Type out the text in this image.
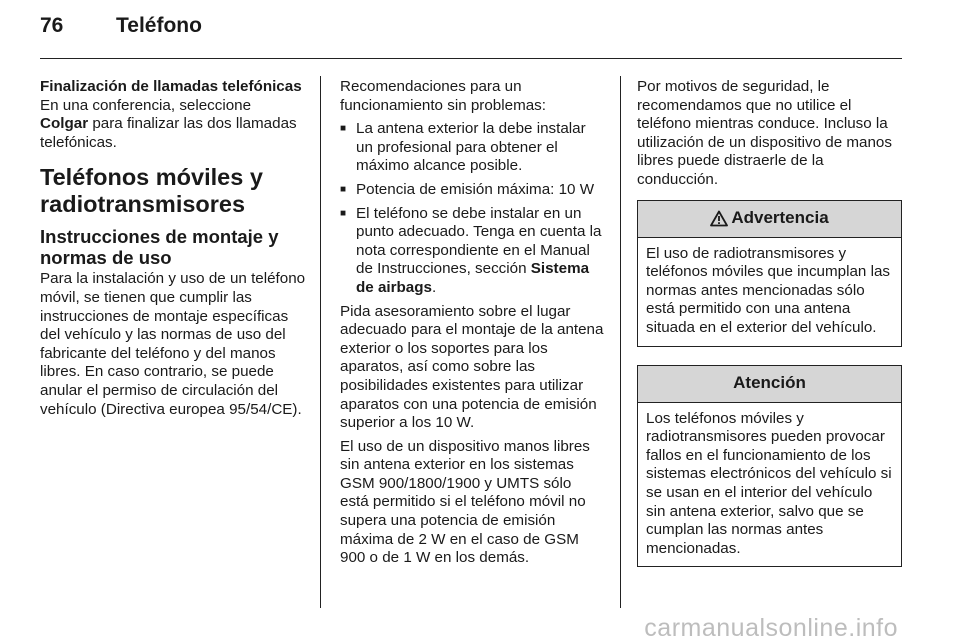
76	Teléfono

Finalización de llamadas telefónicas
En una conferencia, seleccione
Colgar para finalizar las dos llamadas telefónicas.

Teléfonos móviles y radiotransmisores
Instrucciones de montaje y normas de uso

Para la instalación y uso de un teléfono móvil, se tienen que cumplir las instrucciones de montaje específicas del vehículo y las normas de uso del fabricante del teléfono y del manos libres. En caso contrario, se puede anular el permiso de circulación del vehículo (Directiva europea 95/54/CE).

Recomendaciones para un funcionamiento sin problemas:

■ La antena exterior la debe instalar un profesional para obtener el máximo alcance posible.
■ Potencia de emisión máxima: 10 W
■ El teléfono se debe instalar en un punto adecuado. Tenga en cuenta la nota correspondiente en el Manual de Instrucciones, sección Sistema de airbags.

Pida asesoramiento sobre el lugar adecuado para el montaje de la antena exterior o los soportes para los aparatos, así como sobre las posibilidades existentes para utilizar aparatos con una potencia de emisión superior a los 10 W.

El uso de un dispositivo manos libres sin antena exterior en los sistemas GSM 900/1800/1900 y UMTS sólo está permitido si el teléfono móvil no supera una potencia de emisión máxima de 2 W en el caso de GSM 900 o de 1 W en los demás.

Por motivos de seguridad, le recomendamos que no utilice el teléfono mientras conduce. Incluso la utilización de un dispositivo de manos libres puede distraerle de la conducción.

Advertencia
El uso de radiotransmisores y teléfonos móviles que incumplan las normas antes mencionadas sólo está permitido con una antena situada en el exterior del vehículo.
Atención
Los teléfonos móviles y radiotransmisores pueden provocar fallos en el funcionamiento de los sistemas electrónicos del vehículo si se usan en el interior del vehículo sin antena exterior, salvo que se cumplan las normas antes mencionadas.
carmanualsonline.info
